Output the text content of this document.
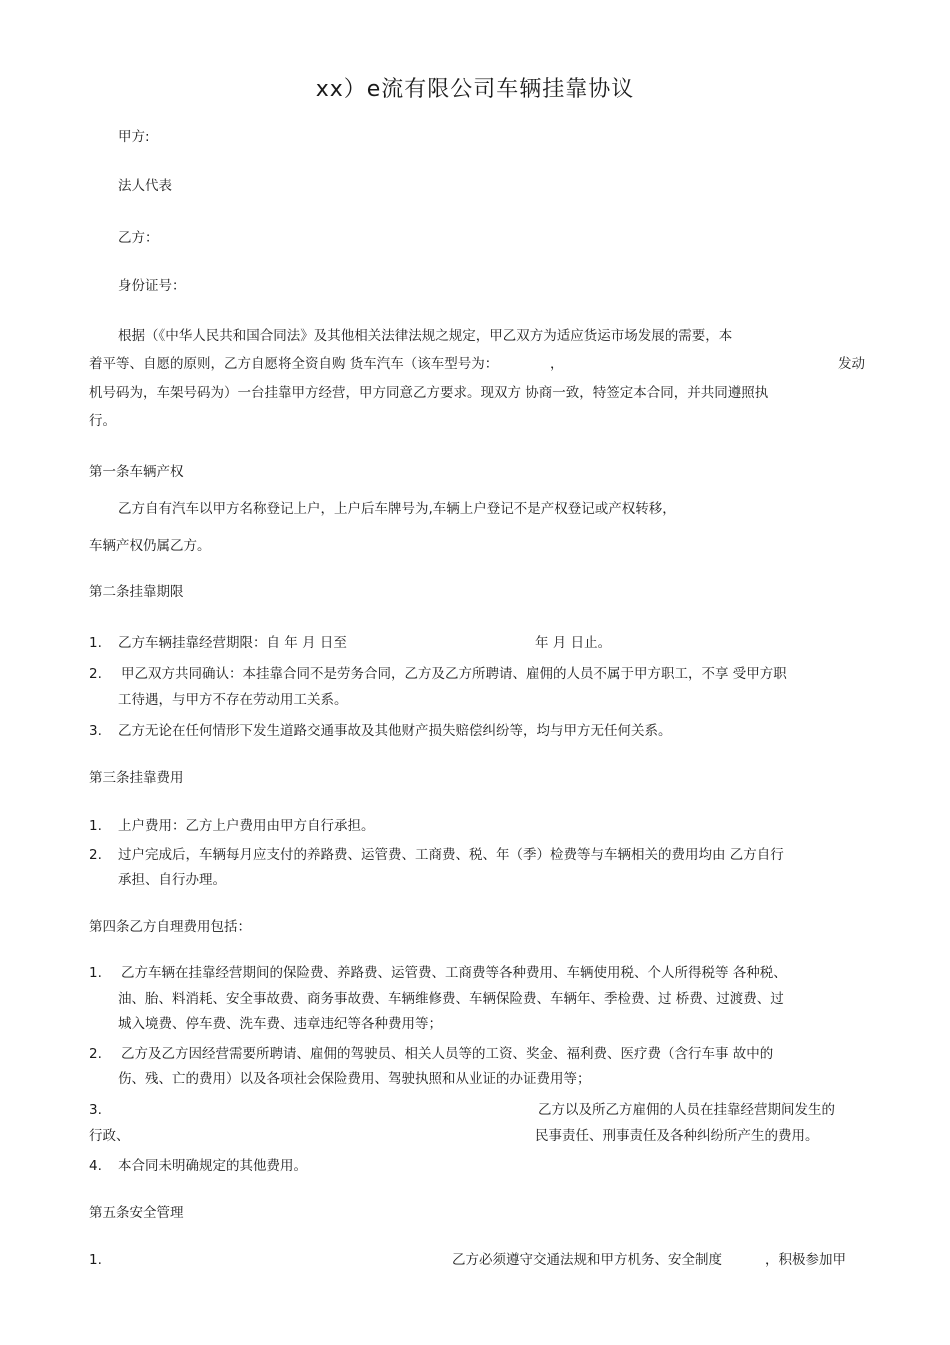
xx）e流有限公司车辆挂靠协议
甲方:
法人代表
乙方：
身份证号：
根据（《中华人民共和国合同法》及其他相关法律法规之规定，甲乙双方为适应货运市场发展的需要，本
着平等、自愿的原则，乙方自愿将全资自购 货车汽车（该车型号为：	，	发动
机号码为，车架号码为）一台挂靠甲方经营，甲方同意乙方要求。现双方 协商一致，特签定本合同，并共同遵照执
行。
第一条车辆产权
乙方自有汽车以甲方名称登记上户，上户后车牌号为,车辆上户登记不是产权登记或产权转移，
车辆产权仍属乙方。
第二条挂靠期限
1. 乙方车辆挂靠经营期限：自 年 月 日至	年 月 日止。
2. 甲乙双方共同确认：本挂靠合同不是劳务合同，乙方及乙方所聘请、雇佣的人员不属于甲方职工，不享 受甲方职
工待遇，与甲方不存在劳动用工关系。
3. 乙方无论在任何情形下发生道路交通事故及其他财产损失赔偿纠纷等，均与甲方无任何关系。
第三条挂靠费用
1. 上户费用：乙方上户费用由甲方自行承担。
2. 过户完成后，车辆每月应支付的养路费、运管费、工商费、税、年（季）检费等与车辆相关的费用均由 乙方自行
承担、自行办理。
第四条乙方自理费用包括：
1. 乙方车辆在挂靠经营期间的保险费、养路费、运管费、工商费等各种费用、车辆使用税、个人所得税等 各种税、
油、胎、料消耗、安全事故费、商务事故费、车辆维修费、车辆保险费、车辆年、季检费、过 桥费、过渡费、过
城入境费、停车费、洗车费、违章违纪等各种费用等；
2. 乙方及乙方因经营需要所聘请、雇佣的驾驶员、相关人员等的工资、奖金、福利费、医疗费（含行车事 故中的
伤、残、亡的费用）以及各项社会保险费用、驾驶执照和从业证的办证费用等；
3.	乙方以及所乙方雇佣的人员在挂靠经营期间发生的
行政、	民事责任、刑事责任及各种纠纷所产生的费用。
4. 本合同未明确规定的其他费用。
第五条安全管理
1.	乙方必须遵守交通法规和甲方机务、安全制度	，积极参加甲
